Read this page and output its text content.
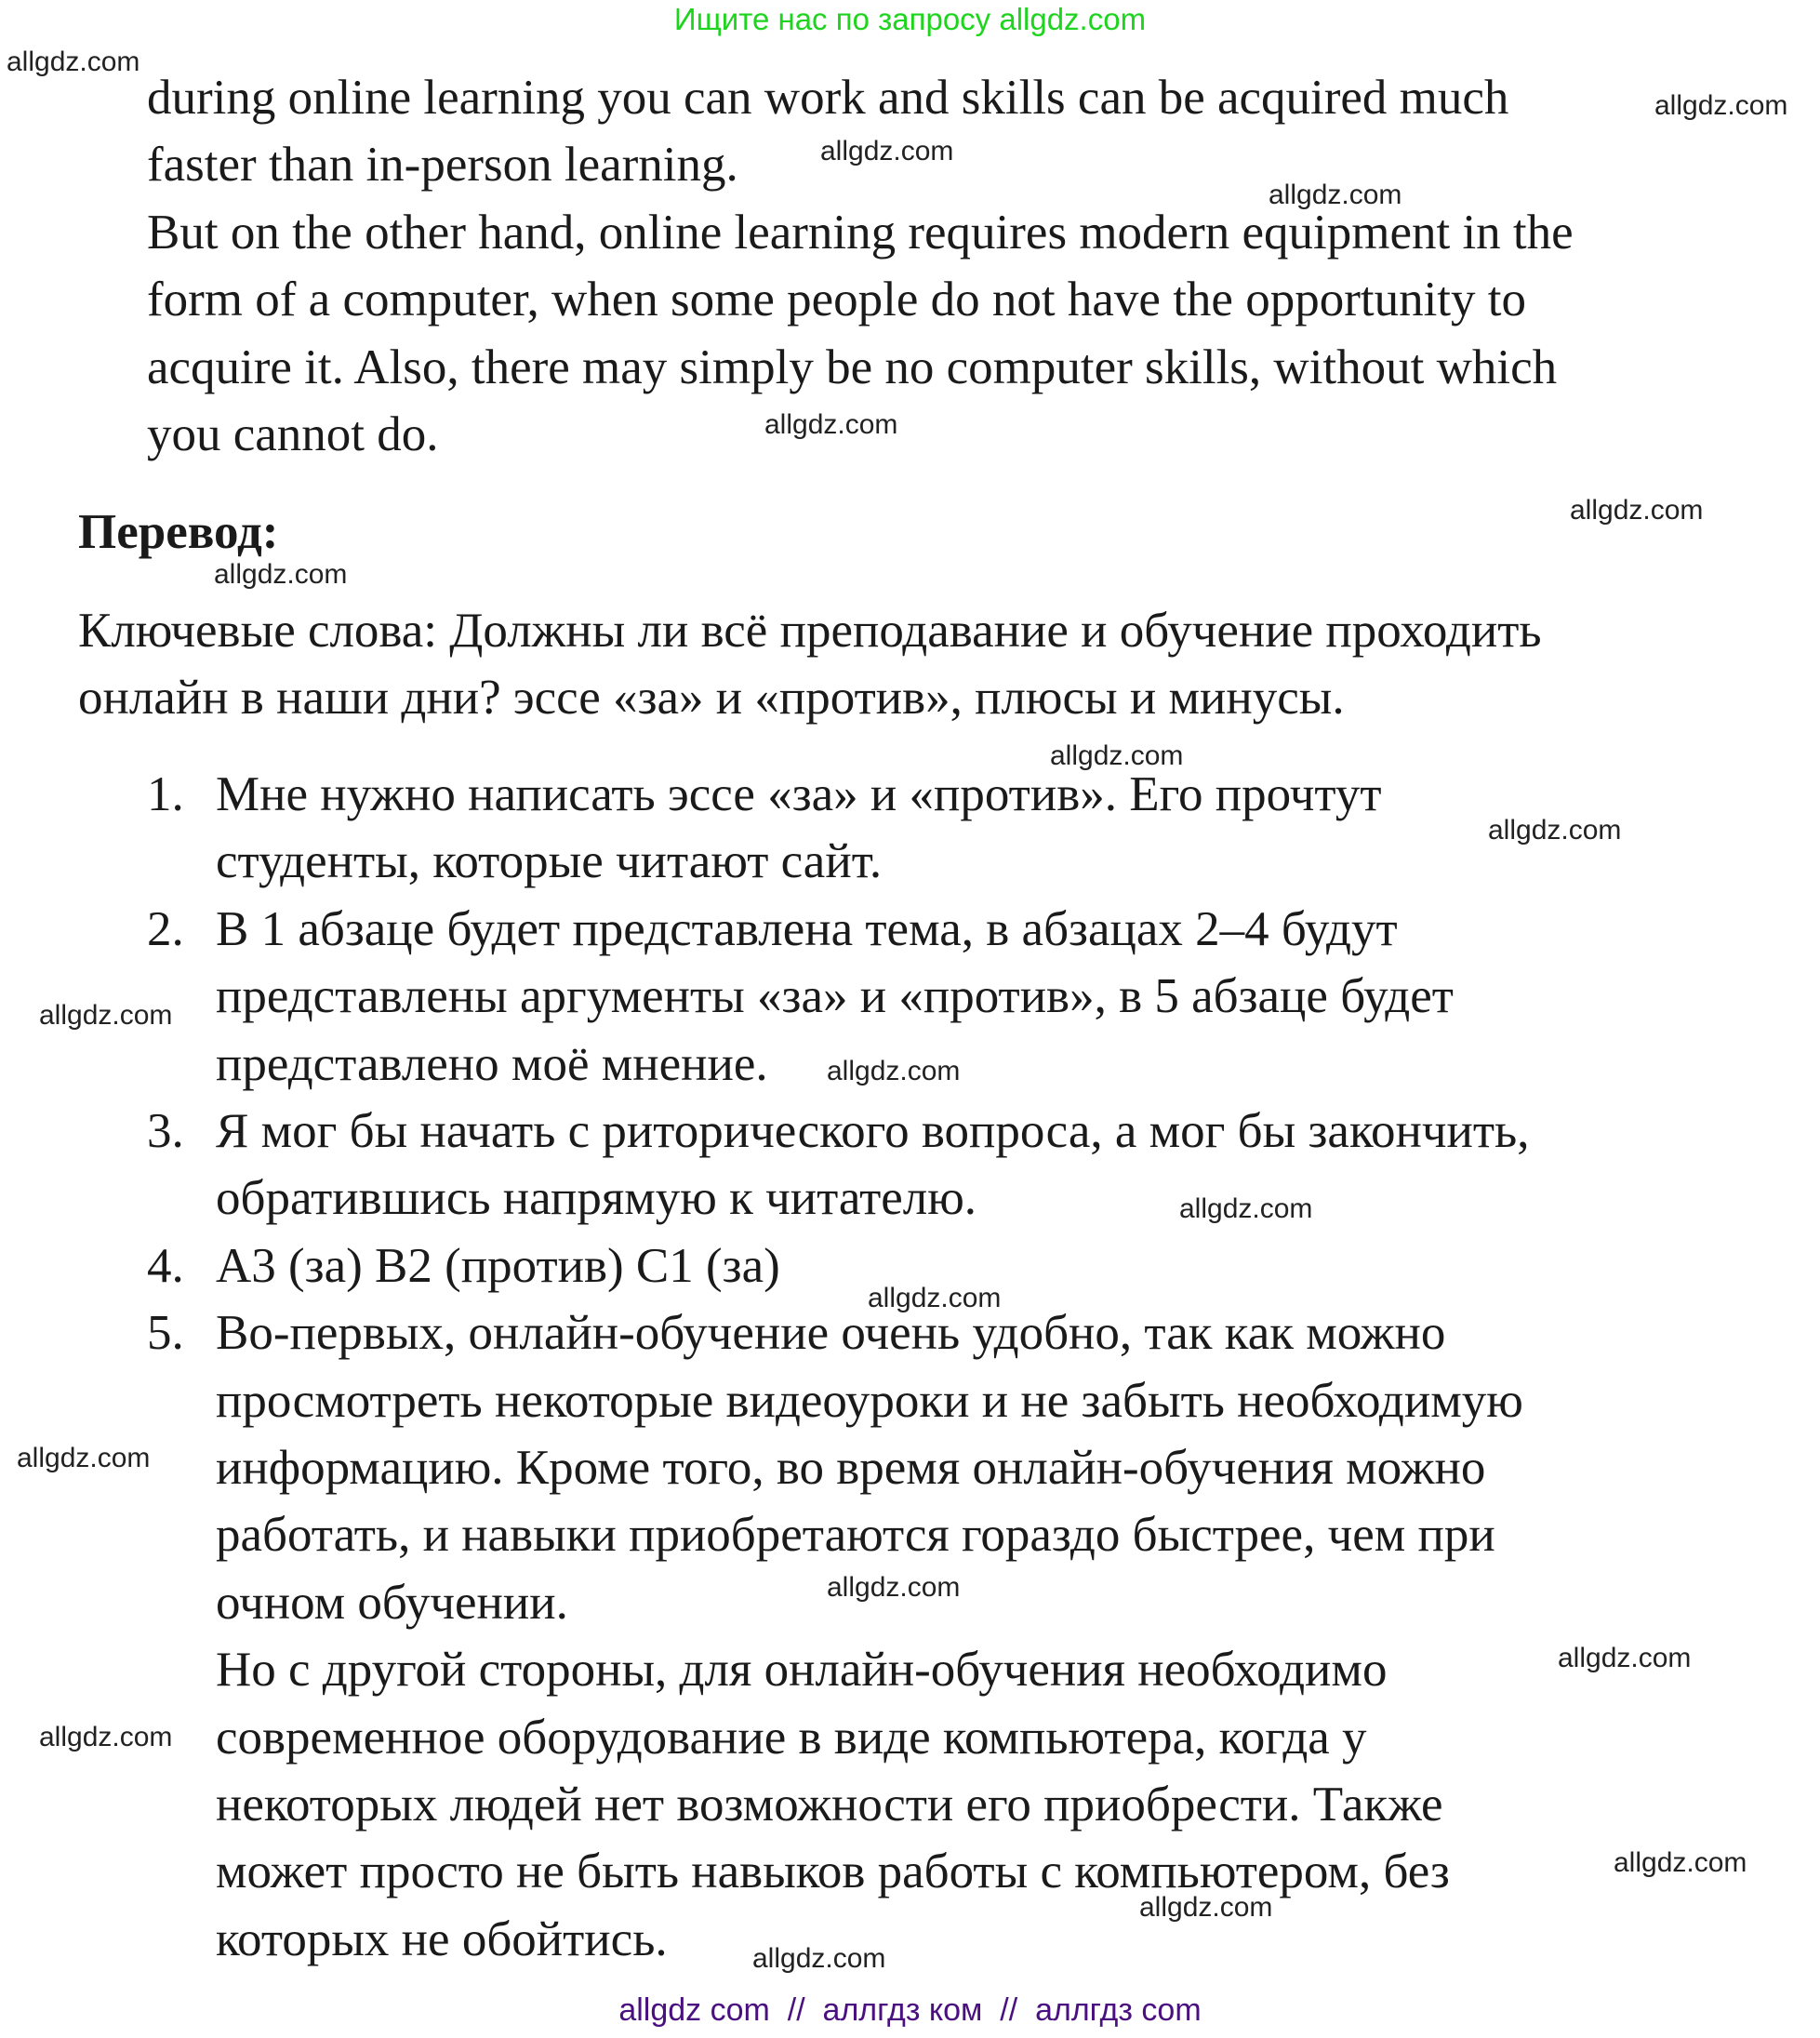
Ищите нас по запросу allgdz.com
during online learning you can work and skills can be acquired much
faster than in-person learning.
But on the other hand, online learning requires modern equipment in the
form of a computer, when some people do not have the opportunity to
acquire it. Also, there may simply be no computer skills, without which
you cannot do.
Перевод:
Ключевые слова: Должны ли всё преподавание и обучение проходить
онлайн в наши дни? эссе «за» и «против», плюсы и минусы.
1. Мне нужно написать эссе «за» и «против». Его прочтут
студенты, которые читают сайт.
2. В 1 абзаце будет представлена тема, в абзацах 2–4 будут
представлены аргументы «за» и «против», в 5 абзаце будет
представлено моё мнение.
3. Я мог бы начать с риторического вопроса, а мог бы закончить,
обратившись напрямую к читателю.
4. A3 (за) B2 (против) C1 (за)
5. Во-первых, онлайн-обучение очень удобно, так как можно
просмотреть некоторые видеоуроки и не забыть необходимую
информацию. Кроме того, во время онлайн-обучения можно
работать, и навыки приобретаются гораздо быстрее, чем при
очном обучении.
Но с другой стороны, для онлайн-обучения необходимо
современное оборудование в виде компьютера, когда у
некоторых людей нет возможности его приобрести. Также
может просто не быть навыков работы с компьютером, без
которых не обойтись.
allgdz.com
allgdz.com
allgdz.com
allgdz.com
allgdz.com
allgdz.com
allgdz.com
allgdz.com
allgdz.com
allgdz.com
allgdz.com
allgdz.com
allgdz.com
allgdz.com
allgdz.com
allgdz.com
allgdz.com
allgdz.com
allgdz.com
allgdz.com
allgdz com  //  аллгдз ком  //  аллгдз com
